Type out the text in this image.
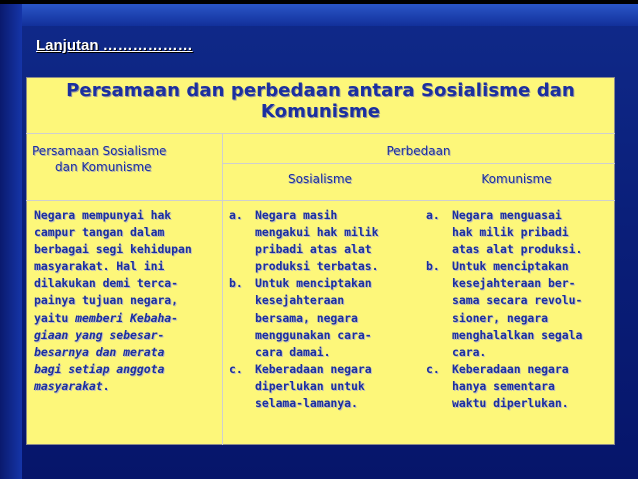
Lanjutan ………………
Persamaan dan perbedaan antara Sosialisme dan
Komunisme
Persamaan Sosialisme
dan Komunisme
Perbedaan
Sosialisme	Komunisme
Negara mempunyai hak
campur tangan dalam
berbagai segi kehidupan
masyarakat. Hal ini
dilakukan demi terca-
painya tujuan negara,
yaitu memberi Kebaha-
giaan yang sebesar-
besarnya dan merata
bagi setiap anggota
masyarakat.
a. Negara masih
mengakui hak milik
pribadi atas alat
produksi terbatas.
b. Untuk menciptakan
kesejahteraan
bersama, negara
menggunakan cara-
cara damai.
c. Keberadaan negara
diperlukan untuk
selama-lamanya.
a. Negara menguasai
hak milik pribadi
atas alat produksi.
b. Untuk menciptakan
kesejahteraan ber-
sama secara revolu-
sioner, negara
menghalalkan segala
cara.
c. Keberadaan negara
hanya sementara
waktu diperlukan.
